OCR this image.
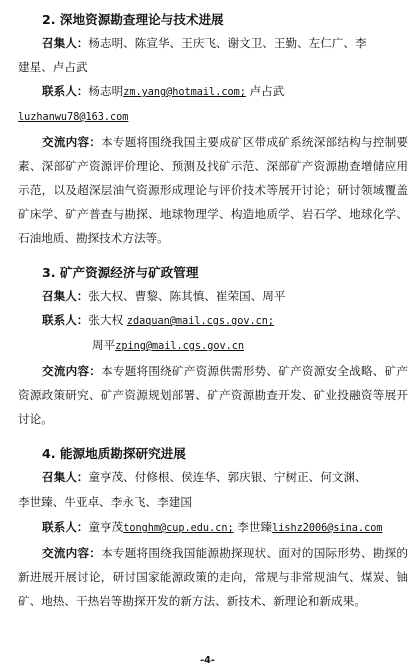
2. 深地资源勘查理论与技术进展
召集人：杨志明、陈宣华、王庆飞、谢文卫、王勤、左仁广、李
建星、卢占武
联系人：杨志明zm.yang@hotmail.com; 卢占武
luzhanwu78@163.com
交流内容：本专题将围绕我国主要成矿区带成矿系统深部结构与控制要素、深部矿产资源评价理论、预测及找矿示范、深部矿产资源勘查增储应用示范，以及超深层油气资源形成理论与评价技术等展开讨论；研讨领域覆盖矿床学、矿产普查与勘探、地球物理学、构造地质学、岩石学、地球化学、石油地质、勘探技术方法等。
3. 矿产资源经济与矿政管理
召集人：张大权、曹黎、陈其慎、崔荣国、周平
联系人：张大权 zdaquan@mail.cgs.gov.cn;
周平zping@mail.cgs.gov.cn
交流内容：本专题将围绕矿产资源供需形势、矿产资源安全战略、矿产资源政策研究、矿产资源规划部署、矿产资源勘查开发、矿业投融资等展开讨论。
4. 能源地质勘探研究进展
召集人：童亨茂、付修根、侯连华、郭庆银、宁树正、何文渊、
李世臻、牛亚卓、李永飞、李建国
联系人：童亨茂tonghm@cup.edu.cn; 李世臻lishz2006@sina.com
交流内容：本专题将围绕我国能源勘探现状、面对的国际形势、勘探的新进展开展讨论，研讨国家能源政策的走向，常规与非常规油气、煤炭、铀矿、地热、干热岩等勘探开发的新方法、新技术、新理论和新成果。
-4-
